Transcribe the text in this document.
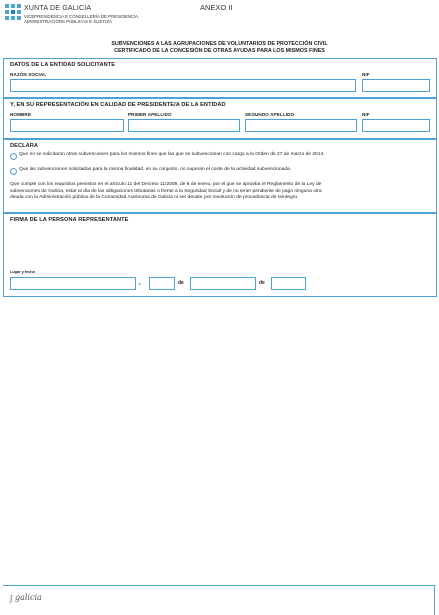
XUNTA DE GALICIA
VICEPRESIDENCIA E CONSELLERÍA DE PRESIDENCIA,
ADMINISTRACIÓNS PÚBLICAS E XUSTIZA
ANEXO II
SUBVENCIONES A LAS AGRUPACIONES DE VOLUNTARIOS DE PROTECCIÓN CIVIL
CERTIFICADO DE LA CONCESIÓN DE OTRAS AYUDAS PARA LOS MISMOS FINES
DATOS DE LA ENTIDAD SOLICITANTE
RAZÓN SOCIAL	NIF
Y, EN SU REPRESENTACIÓN EN CALIDAD DE PRESIDENTE/A DE LA ENTIDAD
NOMBRE	PRIMER APELLIDO	SEGUNDO APELLIDO	NIF
DECLARA
Que no se solicitaron otras subvenciones para los mismos fines que las que se subvencionan con cargo a la Orden de 27 de marzo de 2014.
Que las subvenciones solicitadas para la misma finalidad, en su conjunto, no superan el coste de la actividad subvencionada.
Que cumple con los requisitos previstos en el artículo 11 del Decreto 11/2009, de 8 de enero, por el que se aprueba el Reglamento de la Ley de
subvenciones de Galicia, estar al día de las obligaciones tributarias o frente a la Seguridad Social y de no tener pendiente de pago ninguna otra
deuda con la Administración pública de la Comunidad Autónoma de Galicia ni ser deudor por resolución de procedencia de reintegro.
FIRMA DE LA PERSONA REPRESENTANTE
Lugar y fecha
,	de	de
∫ galicia
